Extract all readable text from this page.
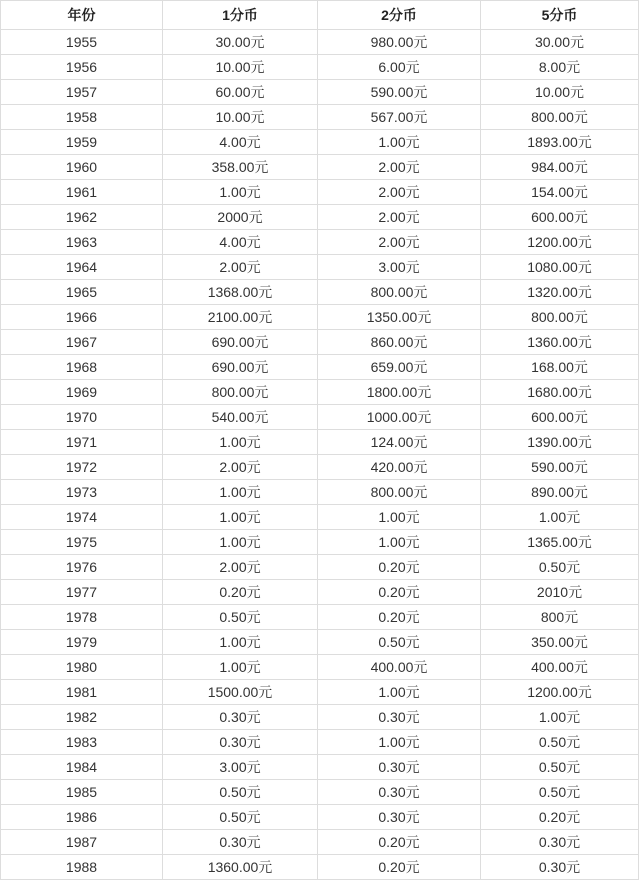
年份	1分币	2分币	5分币
1955	30.00元	980.00元	30.00元
1956	10.00元	6.00元	8.00元
1957	60.00元	590.00元	10.00元
1958	10.00元	567.00元	800.00元
1959	4.00元	1.00元	1893.00元
1960	358.00元	2.00元	984.00元
1961	1.00元	2.00元	154.00元
1962	2000元	2.00元	600.00元
1963	4.00元	2.00元	1200.00元
1964	2.00元	3.00元	1080.00元
1965	1368.00元	800.00元	1320.00元
1966	2100.00元	1350.00元	800.00元
1967	690.00元	860.00元	1360.00元
1968	690.00元	659.00元	168.00元
1969	800.00元	1800.00元	1680.00元
1970	540.00元	1000.00元	600.00元
1971	1.00元	124.00元	1390.00元
1972	2.00元	420.00元	590.00元
1973	1.00元	800.00元	890.00元
1974	1.00元	1.00元	1.00元
1975	1.00元	1.00元	1365.00元
1976	2.00元	0.20元	0.50元
1977	0.20元	0.20元	2010元
1978	0.50元	0.20元	800元
1979	1.00元	0.50元	350.00元
1980	1.00元	400.00元	400.00元
1981	1500.00元	1.00元	1200.00元
1982	0.30元	0.30元	1.00元
1983	0.30元	1.00元	0.50元
1984	3.00元	0.30元	0.50元
1985	0.50元	0.30元	0.50元
1986	0.50元	0.30元	0.20元
1987	0.30元	0.20元	0.30元
1988	1360.00元	0.20元	0.30元
